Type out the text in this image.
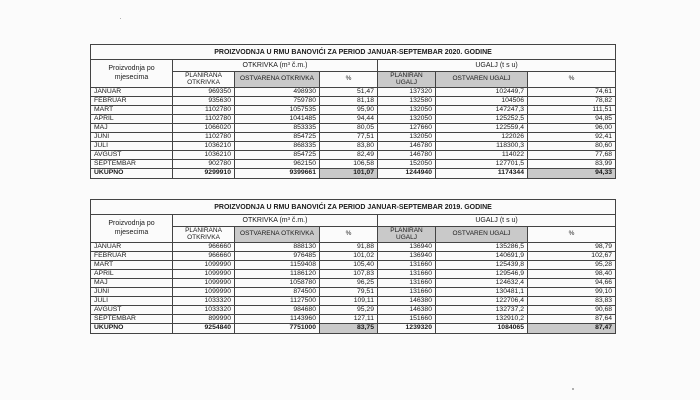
PROIZVODNJA U RMU BANOVIĆI ZA PERIOD JANUAR-SEPTEMBAR 2020. GODINE						
Proizvodnja po mjesecima	OTKRIVKA (m³ č.m.)			UGALJ (t s u)		
	PLANIRANA OTKRIVKA	OSTVARENA OTKRIVKA	%	PLANIRAN UGALJ	OSTVAREN UGALJ	%
JANUAR	969350	498930	51,47	137320	102449,7	74,61
FEBRUAR	935630	759780	81,18	132580	104506	78,82
MART	1102780	1057535	95,90	132050	147247,3	111,51
APRIL	1102780	1041485	94,44	132050	125252,5	94,85
MAJ	1066020	853335	80,05	127660	122559,4	96,00
JUNI	1102780	854725	77,51	132050	122026	92,41
JULI	1036210	868335	83,80	146780	118300,3	80,60
AVGUST	1036210	854725	82,49	146780	114022	77,68
SEPTEMBAR	902780	962150	106,58	152050	127701,5	83,99
UKUPNO	9299910	9399661	101,07	1244940	1174344	94,33
PROIZVODNJA U RMU BANOVIĆI ZA PERIOD JANUAR-SEPTEMBAR 2019. GODINE						
Proizvodnja po mjesecima	OTKRIVKA (m³ č.m.)			UGALJ (t s u)		
	PLANIRANA OTKRIVKA	OSTVARENA OTKRIVKA	%	PLANIRAN UGALJ	OSTVAREN UGALJ	%
JANUAR	966660	888130	91,88	136940	135286,5	98,79
FEBRUAR	966660	976485	101,02	136940	140691,9	102,67
MART	1099990	1159408	105,40	131660	125439,8	95,28
APRIL	1099990	1186120	107,83	131660	129546,9	98,40
MAJ	1099990	1058780	96,25	131660	124632,4	94,66
JUNI	1099990	874500	79,51	131660	130481,1	99,10
JULI	1033320	1127500	109,11	146380	122706,4	83,83
AVGUST	1033320	984680	95,29	146380	132737,2	90,68
SEPTEMBAR	899990	1143960	127,11	151660	132910,2	87,64
UKUPNO	9254840	7751000	83,75	1239320	1084065	87,47
